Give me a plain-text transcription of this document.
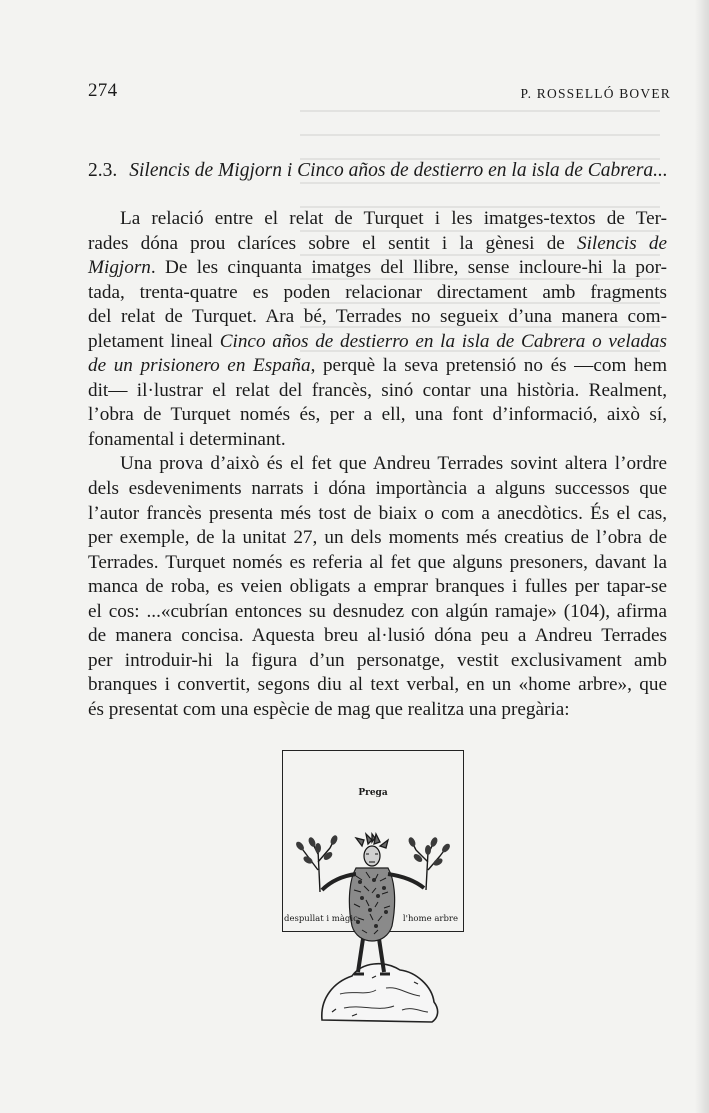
274	P. ROSSELLÓ BOVER
2.3. Silencis de Migjorn i Cinco años de destierro en la isla de Cabrera...
La relació entre el relat de Turquet i les imatges-textos de Ter-
rades dóna prou claríces sobre el sentit i la gènesi de Silencis de
Migjorn. De les cinquanta imatges del llibre, sense incloure-hi la por-
tada, trenta-quatre es poden relacionar directament amb fragments
del relat de Turquet. Ara bé, Terrades no segueix d’una manera com-
pletament lineal Cinco años de destierro en la isla de Cabrera o veladas
de un prisionero en España, perquè la seva pretensió no és —com hem
dit— il·lustrar el relat del francès, sinó contar una història. Realment,
l’obra de Turquet només és, per a ell, una font d’informació, això sí,
fonamental i determinant.
Una prova d’això és el fet que Andreu Terrades sovint altera l’ordre
dels esdeveniments narrats i dóna importància a alguns successos que
l’autor francès presenta més tost de biaix o com a anecdòtics. És el cas,
per exemple, de la unitat 27, un dels moments més creatius de l’obra de
Terrades. Turquet només es referia al fet que alguns presoners, davant la
manca de roba, es veien obligats a emprar branques i fulles per tapar-se
el cos: ...«cubrían entonces su desnudez con algún ramaje» (104), afirma
de manera concisa. Aquesta breu al·lusió dóna peu a Andreu Terrades
per introduir-hi la figura d’un personatge, vestit exclusivament amb
branques i convertit, segons diu al text verbal, en un «home arbre», que
és presentat com una espècie de mag que realitza una pregària:
Prega
despullat i màgic	l'home arbre
